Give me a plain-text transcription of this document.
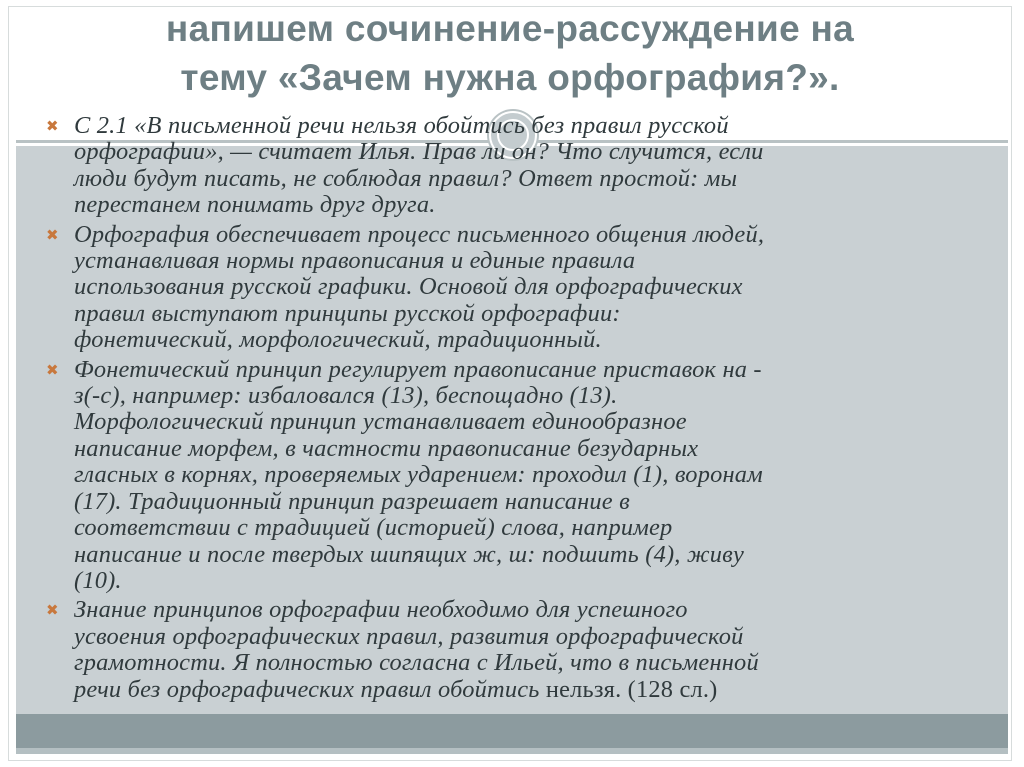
напишем сочинение-рассуждение на
тему «Зачем нужна орфография?».
✖ С 2.1 «В письменной речи нельзя обойтись без правил русской
орфографии», — считает Илья. Прав ли он? Что случится, если
люди будут писать, не соблюдая правил? Ответ простой: мы
перестанем понимать друг друга.
✖ Орфография обеспечивает процесс письменного общения людей,
устанавливая нормы правописания и единые правила
использования русской графики. Основой для орфографических
правил выступают принципы русской орфографии:
фонетический, морфологический, традиционный.
✖ Фонетический принцип регулирует правописание приставок на -
з(-с), например: избаловался (13), беспощадно (13).
Морфологический принцип устанавливает единообразное
написание морфем, в частности правописание безударных
гласных в корнях, проверяемых ударением: проходил (1), воронам
(17). Традиционный принцип разрешает написание в
соответствии с традицией (историей) слова, например
написание и после твердых шипящих ж, ш: подшить (4), живу
(10).
✖ Знание принципов орфографии необходимо для успешного
усвоения орфографических правил, развития орфографической
грамотности. Я полностью согласна с Ильей, что в письменной
речи без орфографических правил обойтись нельзя. (128 сл.)
